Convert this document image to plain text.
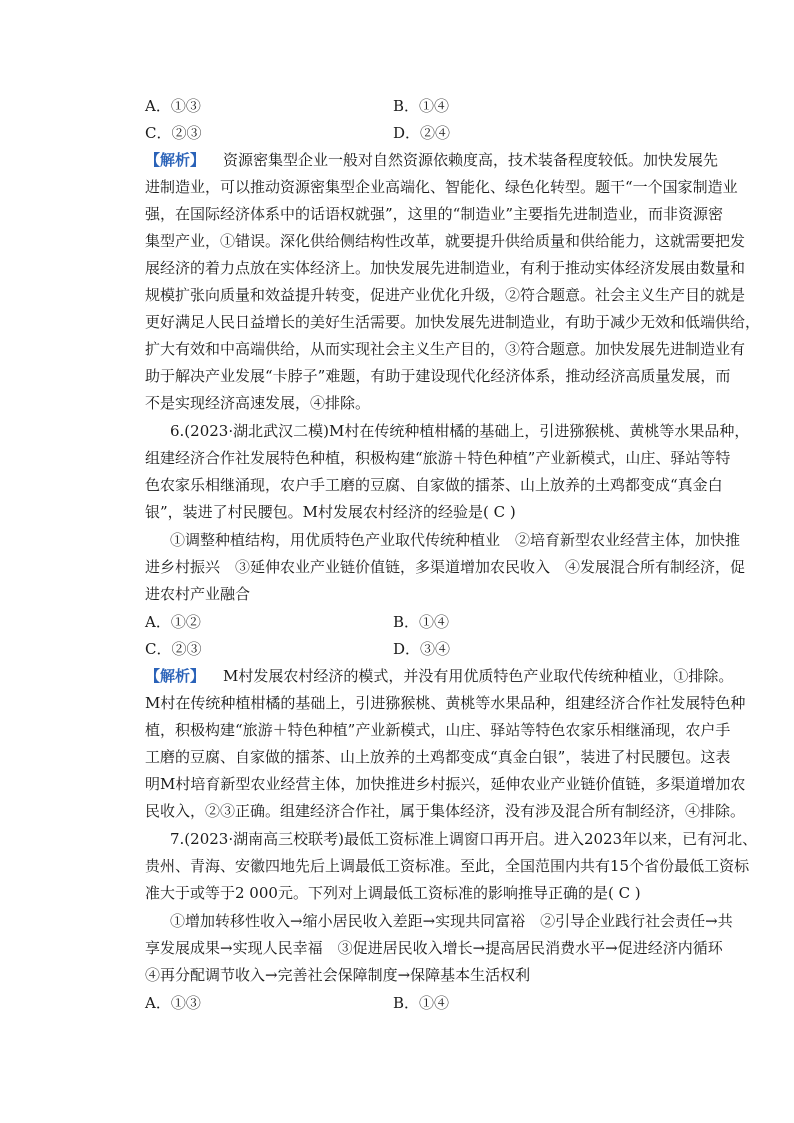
A．①③	B．①④
C．②③	D．②④
【解析】 资源密集型企业一般对自然资源依赖度高，技术装备程度较低。加快发展先
进制造业，可以推动资源密集型企业高端化、智能化、绿色化转型。题干“一个国家制造业
强，在国际经济体系中的话语权就强”，这里的“制造业”主要指先进制造业，而非资源密
集型产业，①错误。深化供给侧结构性改革，就要提升供给质量和供给能力，这就需要把发
展经济的着力点放在实体经济上。加快发展先进制造业，有利于推动实体经济发展由数量和
规模扩张向质量和效益提升转变，促进产业优化升级，②符合题意。社会主义生产目的就是
更好满足人民日益增长的美好生活需要。加快发展先进制造业，有助于减少无效和低端供给，
扩大有效和中高端供给，从而实现社会主义生产目的，③符合题意。加快发展先进制造业有
助于解决产业发展“卡脖子”难题，有助于建设现代化经济体系，推动经济高质量发展，而
不是实现经济高速发展，④排除。
6.(2023·湖北武汉二模)M村在传统种植柑橘的基础上，引进猕猴桃、黄桃等水果品种，
组建经济合作社发展特色种植，积极构建“旅游＋特色种植”产业新模式，山庄、驿站等特
色农家乐相继涌现，农户手工磨的豆腐、自家做的擂茶、山上放养的土鸡都变成“真金白
银”，装进了村民腰包。M村发展农村经济的经验是( C )
①调整种植结构，用优质特色产业取代传统种植业　②培育新型农业经营主体，加快推
进乡村振兴　③延伸农业产业链价值链，多渠道增加农民收入　④发展混合所有制经济，促
进农村产业融合
A．①②	B．①④
C．②③	D．③④
【解析】 M村发展农村经济的模式，并没有用优质特色产业取代传统种植业，①排除。
M村在传统种植柑橘的基础上，引进猕猴桃、黄桃等水果品种，组建经济合作社发展特色种
植，积极构建“旅游＋特色种植”产业新模式，山庄、驿站等特色农家乐相继涌现，农户手
工磨的豆腐、自家做的擂茶、山上放养的土鸡都变成“真金白银”，装进了村民腰包。这表
明M村培育新型农业经营主体，加快推进乡村振兴，延伸农业产业链价值链，多渠道增加农
民收入，②③正确。组建经济合作社，属于集体经济，没有涉及混合所有制经济，④排除。
7.(2023·湖南高三校联考)最低工资标准上调窗口再开启。进入2023年以来，已有河北、
贵州、青海、安徽四地先后上调最低工资标准。至此，全国范围内共有15个省份最低工资标
准大于或等于2 000元。下列对上调最低工资标准的影响推导正确的是( C )
①增加转移性收入→缩小居民收入差距→实现共同富裕　②引导企业践行社会责任→共
享发展成果→实现人民幸福　③促进居民收入增长→提高居民消费水平→促进经济内循环
④再分配调节收入→完善社会保障制度→保障基本生活权利
A．①③	B．①④
